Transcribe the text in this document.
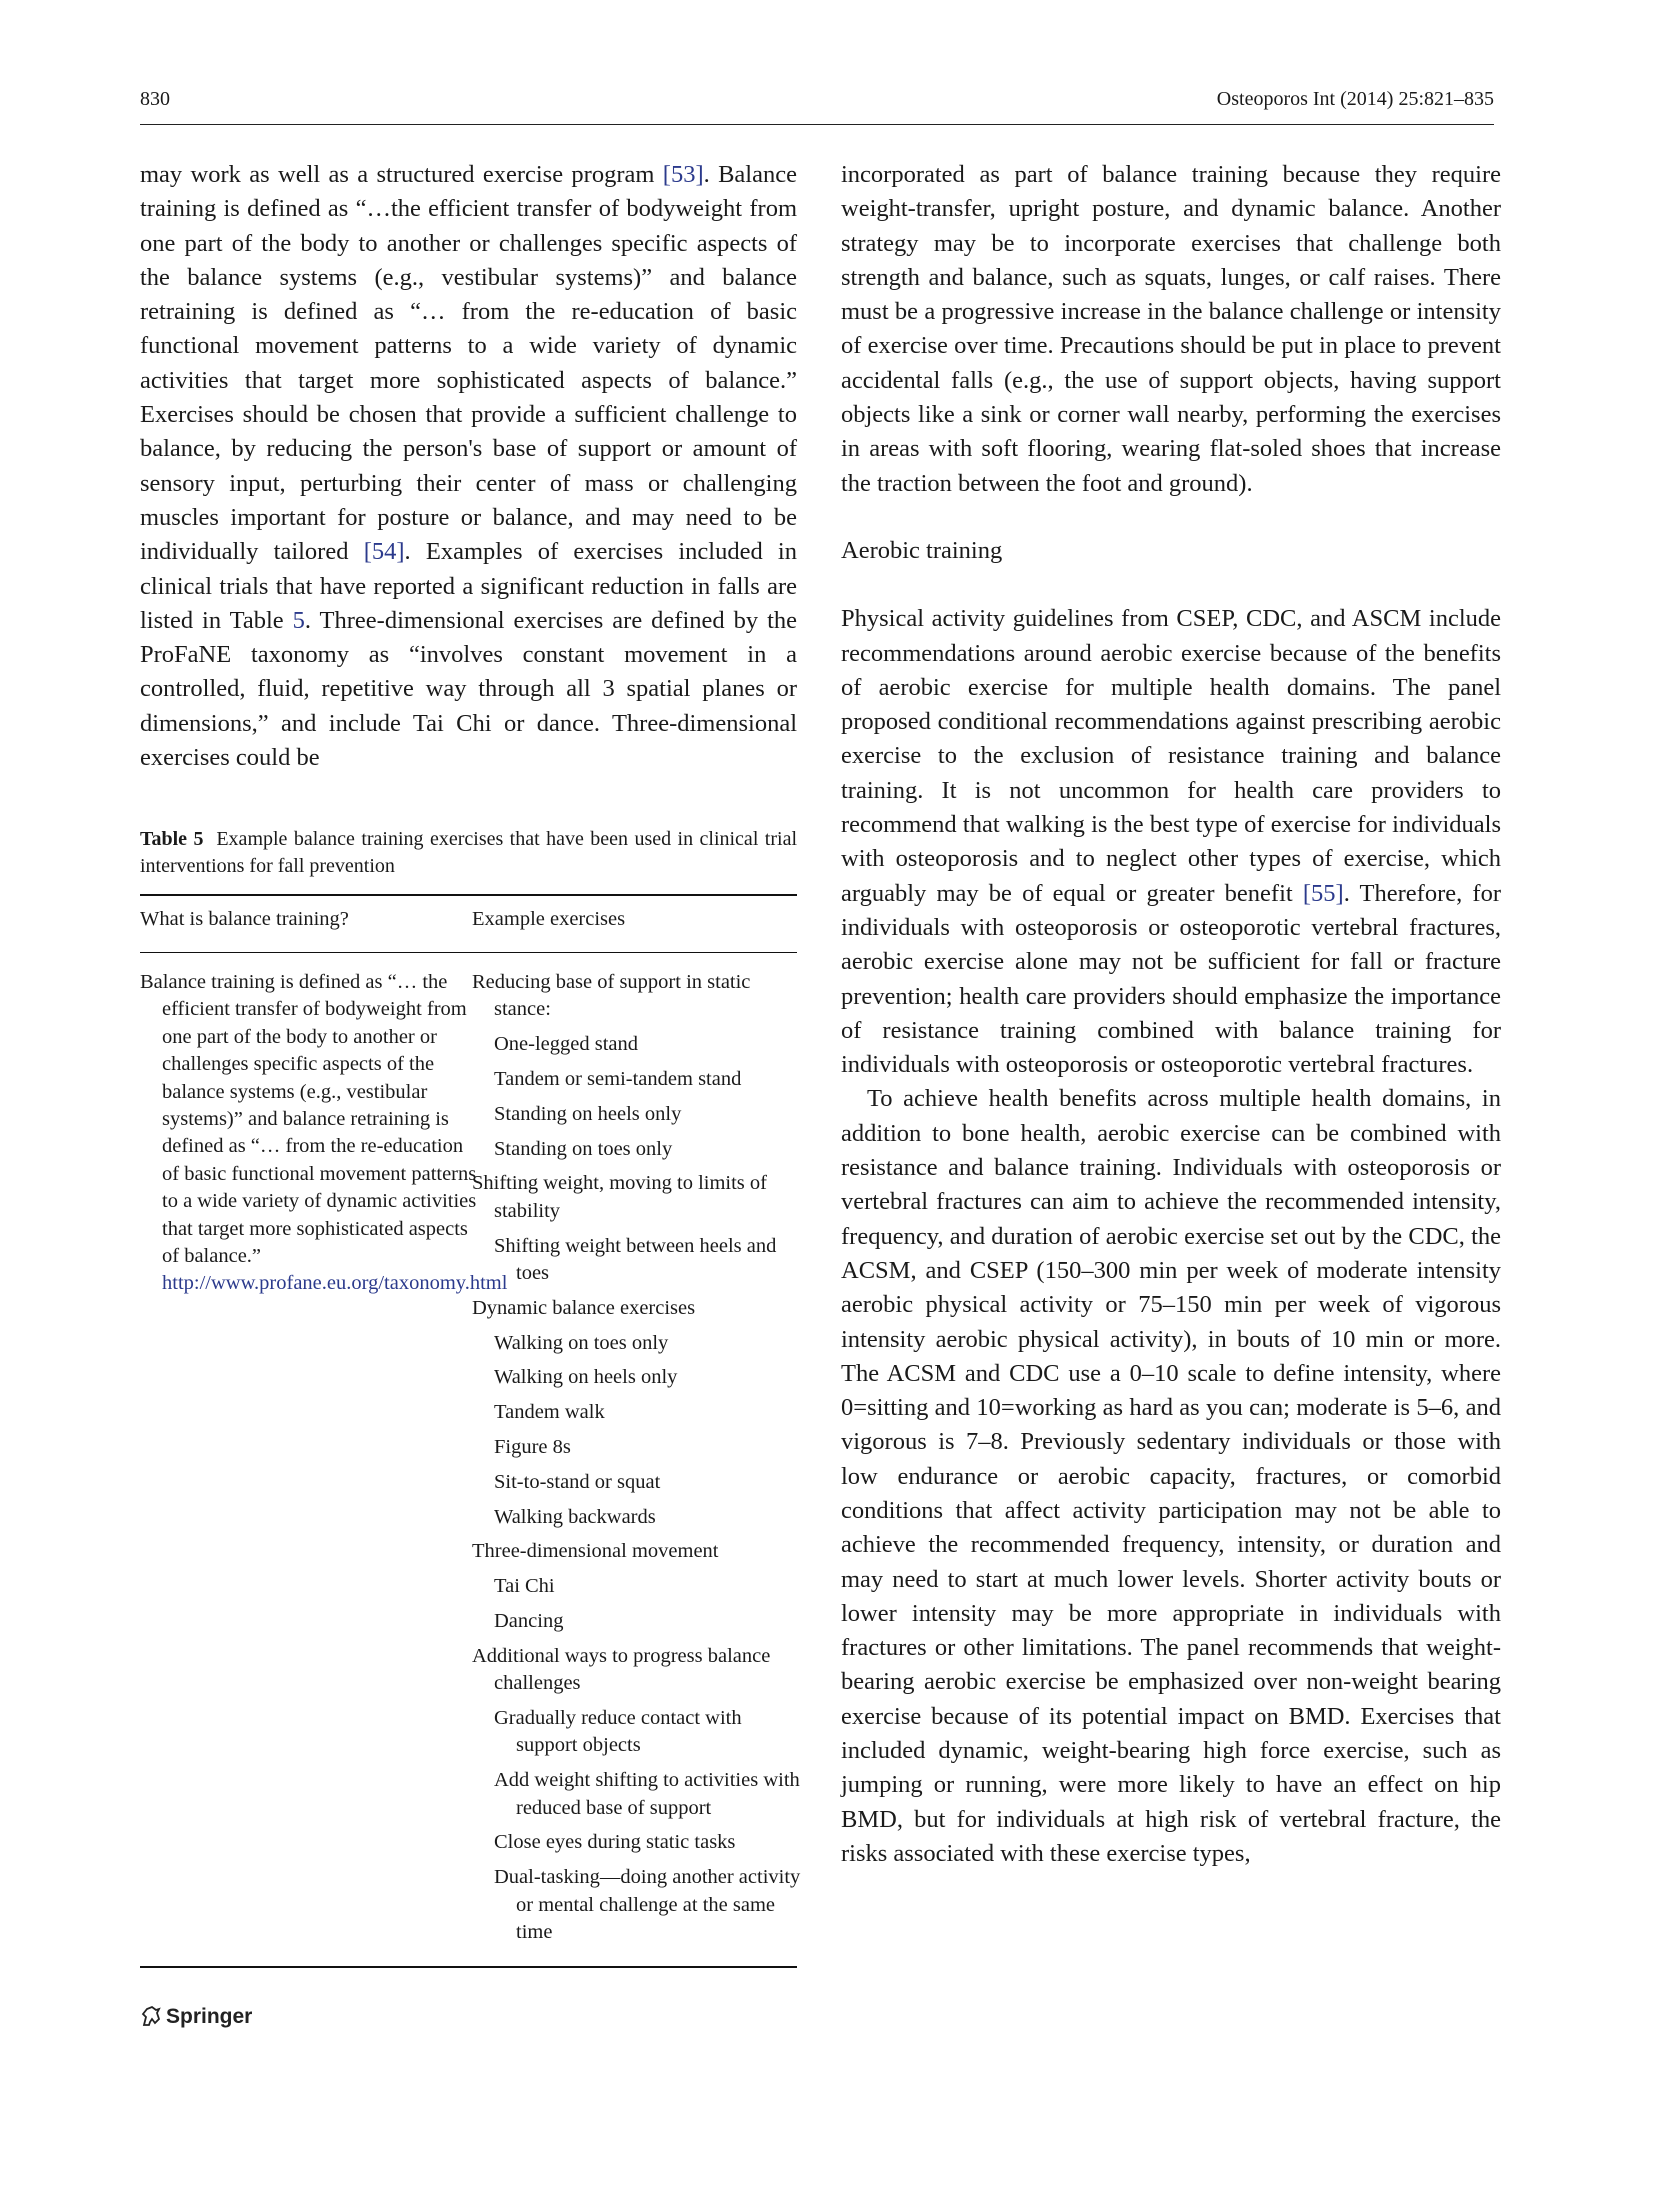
830	Osteoporos Int (2014) 25:821–835

may work as well as a structured exercise program [53]. Balance training is defined as “…the efficient transfer of bodyweight from one part of the body to another or challenges specific aspects of the balance systems (e.g., vestibular systems)” and balance retraining is defined as “… from the re-education of basic functional movement patterns to a wide variety of dynamic activities that target more sophisticated aspects of balance.” Exercises should be chosen that provide a sufficient challenge to balance, by reducing the person's base of support or amount of sensory input, perturbing their center of mass or challenging muscles important for posture or balance, and may need to be individually tailored [54]. Examples of exercises included in clinical trials that have reported a significant reduction in falls are listed in Table 5. Three-dimensional exercises are defined by the ProFaNE taxonomy as “involves constant movement in a controlled, fluid, repetitive way through all 3 spatial planes or dimensions,” and include Tai Chi or dance. Three-dimensional exercises could be

Table 5 Example balance training exercises that have been used in clinical trial interventions for fall prevention

What is balance training?	Example exercises
Balance training is defined as “… the efficient transfer of bodyweight from one part of the body to another or challenges specific aspects of the balance systems (e.g., vestibular systems)” and balance retraining is defined as “… from the re-education of basic functional movement patterns to a wide variety of dynamic activities that target more sophisticated aspects of balance.” http://www.profane.eu.org/taxonomy.html
Reducing base of support in static stance:
One-legged stand
Tandem or semi-tandem stand
Standing on heels only
Standing on toes only
Shifting weight, moving to limits of stability
Shifting weight between heels and toes
Dynamic balance exercises
Walking on toes only
Walking on heels only
Tandem walk
Figure 8s
Sit-to-stand or squat
Walking backwards
Three-dimensional movement
Tai Chi
Dancing
Additional ways to progress balance challenges
Gradually reduce contact with support objects
Add weight shifting to activities with reduced base of support
Close eyes during static tasks
Dual-tasking—doing another activity or mental challenge at the same time

incorporated as part of balance training because they require weight-transfer, upright posture, and dynamic balance. Another strategy may be to incorporate exercises that challenge both strength and balance, such as squats, lunges, or calf raises. There must be a progressive increase in the balance challenge or intensity of exercise over time. Precautions should be put in place to prevent accidental falls (e.g., the use of support objects, having support objects like a sink or corner wall nearby, performing the exercises in areas with soft flooring, wearing flat-soled shoes that increase the traction between the foot and ground).

Aerobic training

Physical activity guidelines from CSEP, CDC, and ASCM include recommendations around aerobic exercise because of the benefits of aerobic exercise for multiple health domains. The panel proposed conditional recommendations against prescribing aerobic exercise to the exclusion of resistance training and balance training. It is not uncommon for health care providers to recommend that walking is the best type of exercise for individuals with osteoporosis and to neglect other types of exercise, which arguably may be of equal or greater benefit [55]. Therefore, for individuals with osteoporosis or osteoporotic vertebral fractures, aerobic exercise alone may not be sufficient for fall or fracture prevention; health care providers should emphasize the importance of resistance training combined with balance training for individuals with osteoporosis or osteoporotic vertebral fractures.

To achieve health benefits across multiple health domains, in addition to bone health, aerobic exercise can be combined with resistance and balance training. Individuals with osteoporosis or vertebral fractures can aim to achieve the recommended intensity, frequency, and duration of aerobic exercise set out by the CDC, the ACSM, and CSEP (150–300 min per week of moderate intensity aerobic physical activity or 75–150 min per week of vigorous intensity aerobic physical activity), in bouts of 10 min or more. The ACSM and CDC use a 0–10 scale to define intensity, where 0=sitting and 10=working as hard as you can; moderate is 5–6, and vigorous is 7–8. Previously sedentary individuals or those with low endurance or aerobic capacity, fractures, or comorbid conditions that affect activity participation may not be able to achieve the recommended frequency, intensity, or duration and may need to start at much lower levels. Shorter activity bouts or lower intensity may be more appropriate in individuals with fractures or other limitations. The panel recommends that weight-bearing aerobic exercise be emphasized over non-weight bearing exercise because of its potential impact on BMD. Exercises that included dynamic, weight-bearing high force exercise, such as jumping or running, were more likely to have an effect on hip BMD, but for individuals at high risk of vertebral fracture, the risks associated with these exercise types,

Springer
